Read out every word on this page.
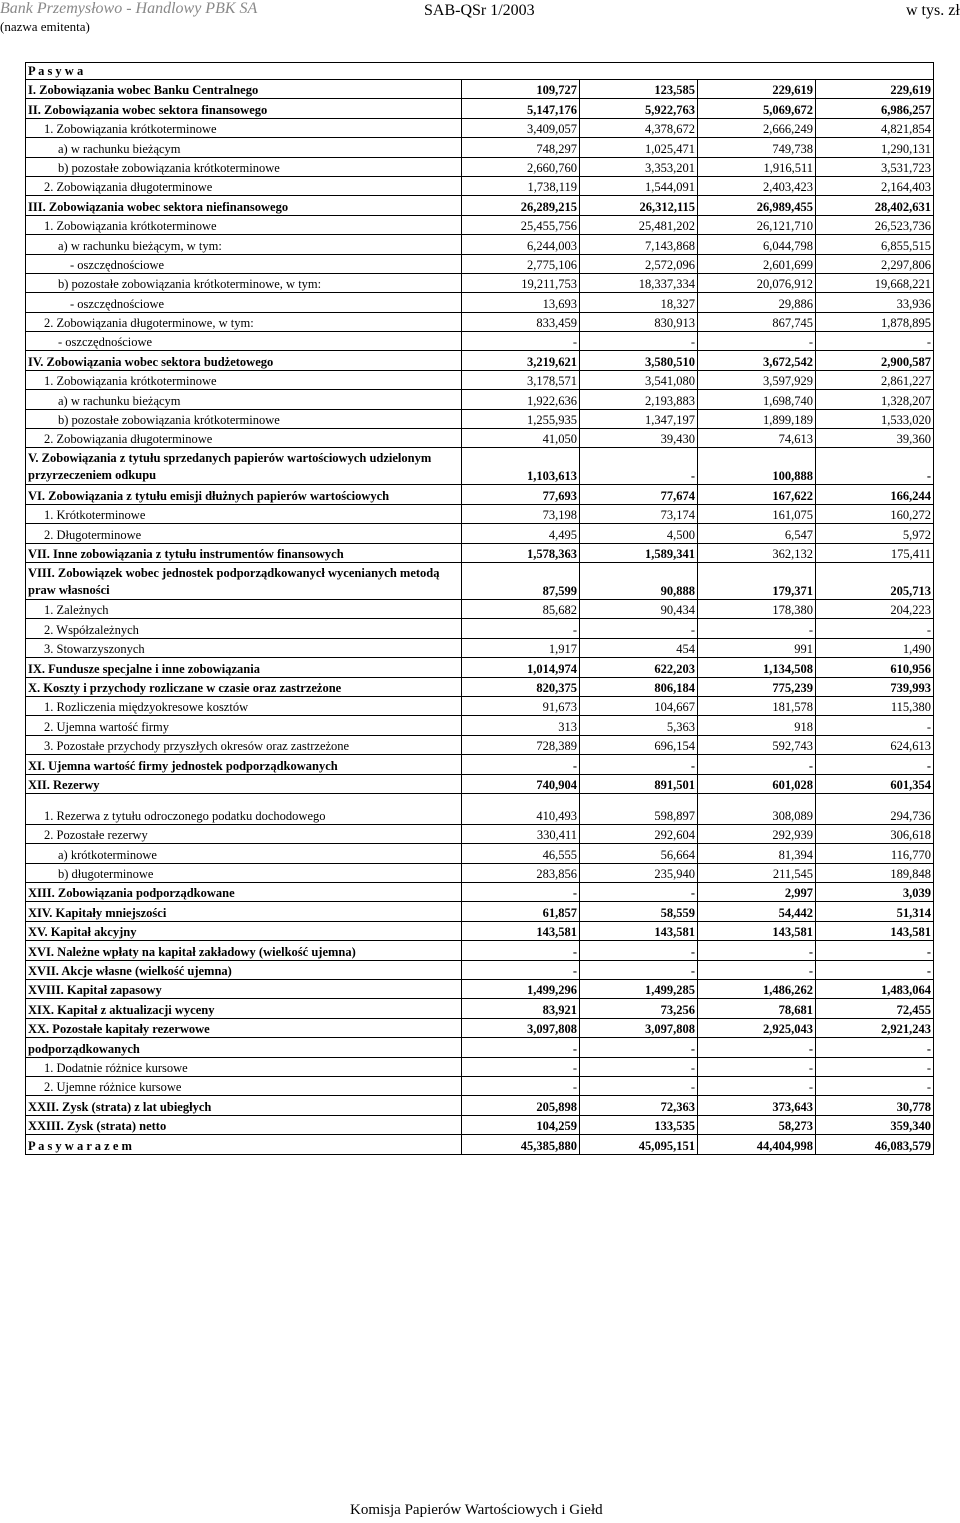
Bank Przemysłowo - Handlowy PBK SA
(nazwa emitenta)
SAB-QSr 1/2003	w tys. zł
P a s y w a				
I. Zobowiązania wobec Banku Centralnego	109,727	123,585	229,619	229,619
II. Zobowiązania wobec sektora finansowego	5,147,176	5,922,763	5,069,672	6,986,257
1. Zobowiązania krótkoterminowe	3,409,057	4,378,672	2,666,249	4,821,854
a) w rachunku bieżącym	748,297	1,025,471	749,738	1,290,131
b) pozostałe zobowiązania krótkoterminowe	2,660,760	3,353,201	1,916,511	3,531,723
2. Zobowiązania długoterminowe	1,738,119	1,544,091	2,403,423	2,164,403
III. Zobowiązania wobec sektora niefinansowego	26,289,215	26,312,115	26,989,455	28,402,631
1. Zobowiązania krótkoterminowe	25,455,756	25,481,202	26,121,710	26,523,736
a) w rachunku bieżącym, w tym:	6,244,003	7,143,868	6,044,798	6,855,515
- oszczędnościowe	2,775,106	2,572,096	2,601,699	2,297,806
b) pozostałe zobowiązania krótkoterminowe, w tym:	19,211,753	18,337,334	20,076,912	19,668,221
- oszczędnościowe	13,693	18,327	29,886	33,936
2. Zobowiązania długoterminowe, w tym:	833,459	830,913	867,745	1,878,895
- oszczędnościowe	-	-	-	-
IV. Zobowiązania wobec sektora budżetowego	3,219,621	3,580,510	3,672,542	2,900,587
1. Zobowiązania krótkoterminowe	3,178,571	3,541,080	3,597,929	2,861,227
a) w rachunku bieżącym	1,922,636	2,193,883	1,698,740	1,328,207
b) pozostałe zobowiązania krótkoterminowe	1,255,935	1,347,197	1,899,189	1,533,020
2. Zobowiązania długoterminowe	41,050	39,430	74,613	39,360
V. Zobowiązania z tytułu sprzedanych papierów wartościowych udzielonym przyrzeczeniem odkupu	1,103,613	-	100,888	-
VI. Zobowiązania z tytułu emisji dłużnych papierów wartościowych	77,693	77,674	167,622	166,244
1. Krótkoterminowe	73,198	73,174	161,075	160,272
2. Długoterminowe	4,495	4,500	6,547	5,972
VII. Inne zobowiązania z tytułu instrumentów finansowych	1,578,363	1,589,341	362,132	175,411
VIII. Zobowiązek wobec jednostek podporządkowanycł wycenianych metodą praw własności	87,599	90,888	179,371	205,713
1. Zależnych	85,682	90,434	178,380	204,223
2. Współzależnych	-	-	-	-
3. Stowarzyszonych	1,917	454	991	1,490
IX. Fundusze specjalne i inne zobowiązania	1,014,974	622,203	1,134,508	610,956
X. Koszty i przychody rozliczane w czasie oraz zastrzeżone	820,375	806,184	775,239	739,993
1. Rozliczenia międzyokresowe kosztów	91,673	104,667	181,578	115,380
2. Ujemna wartość firmy	313	5,363	918	-
3. Pozostałe przychody przyszłych okresów oraz zastrzeżone	728,389	696,154	592,743	624,613
XI. Ujemna wartość firmy jednostek podporządkowanych	-	-	-	-
XII. Rezerwy	740,904	891,501	601,028	601,354
1. Rezerwa z tytułu odroczonego podatku dochodowego	410,493	598,897	308,089	294,736
2. Pozostałe rezerwy	330,411	292,604	292,939	306,618
a) krótkoterminowe	46,555	56,664	81,394	116,770
b) długoterminowe	283,856	235,940	211,545	189,848
XIII. Zobowiązania podporządkowane	-	-	2,997	3,039
XIV. Kapitały mniejszości	61,857	58,559	54,442	51,314
XV. Kapitał akcyjny	143,581	143,581	143,581	143,581
XVI. Należne wpłaty na kapitał zakładowy (wielkość ujemna)	-	-	-	-
XVII. Akcje własne (wielkość ujemna)	-	-	-	-
XVIII. Kapitał zapasowy	1,499,296	1,499,285	1,486,262	1,483,064
XIX. Kapitał z aktualizacji wyceny	83,921	73,256	78,681	72,455
XX. Pozostałe kapitały rezerwowe	3,097,808	3,097,808	2,925,043	2,921,243
podporządkowanych	-	-	-	-
1. Dodatnie różnice kursowe	-	-	-	-
2. Ujemne różnice kursowe	-	-	-	-
XXII. Zysk (strata) z lat ubiegłych	205,898	72,363	373,643	30,778
XXIII. Zysk (strata) netto	104,259	133,535	58,273	359,340
P a s y w a r a z e m	45,385,880	45,095,151	44,404,998	46,083,579
Komisja Papierów Wartościowych i Giełd
